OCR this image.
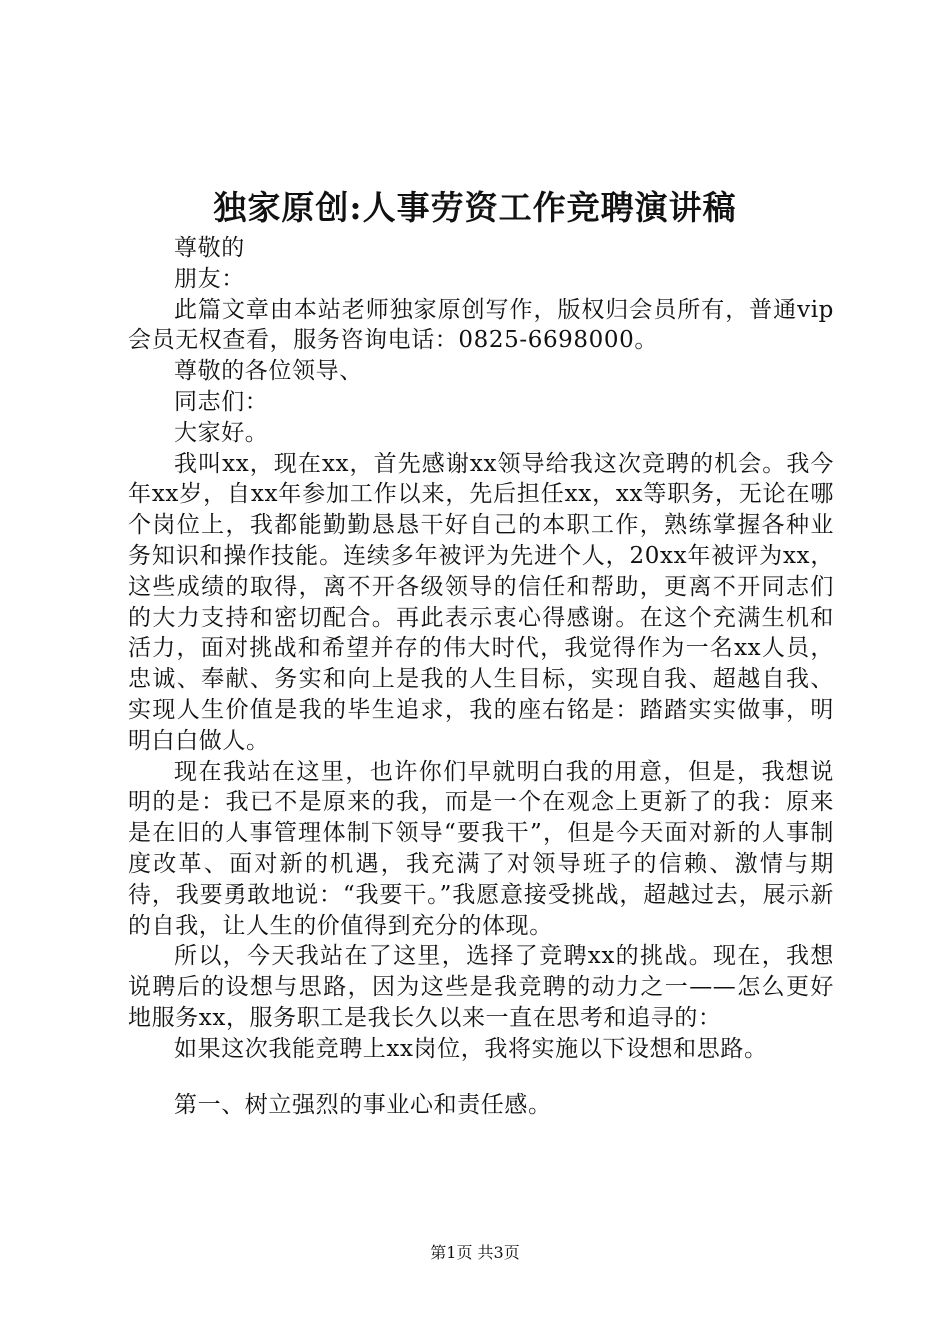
独家原创:人事劳资工作竞聘演讲稿

尊敬的

朋友：

此篇文章由本站老师独家原创写作，版权归会员所有，普通vip会员无权查看，服务咨询电话：0825-6698000。

尊敬的各位领导、

同志们：

大家好。

我叫xx，现在xx，首先感谢xx领导给我这次竞聘的机会。我今年xx岁，自xx年参加工作以来，先后担任xx，xx等职务，无论在哪个岗位上，我都能勤勤恳恳干好自己的本职工作，熟练掌握各种业务知识和操作技能。连续多年被评为先进个人，20xx年被评为xx，这些成绩的取得，离不开各级领导的信任和帮助，更离不开同志们的大力支持和密切配合。再此表示衷心得感谢。在这个充满生机和活力，面对挑战和希望并存的伟大时代，我觉得作为一名xx人员，忠诚、奉献、务实和向上是我的人生目标，实现自我、超越自我、实现人生价值是我的毕生追求，我的座右铭是：踏踏实实做事，明明白白做人。

现在我站在这里，也许你们早就明白我的用意，但是，我想说明的是：我已不是原来的我，而是一个在观念上更新了的我：原来是在旧的人事管理体制下领导“要我干”，但是今天面对新的人事制度改革、面对新的机遇，我充满了对领导班子的信赖、激情与期待，我要勇敢地说：“我要干。”我愿意接受挑战，超越过去，展示新的自我，让人生的价值得到充分的体现。

所以，今天我站在了这里，选择了竞聘xx的挑战。现在，我想说聘后的设想与思路，因为这些是我竞聘的动力之一——怎么更好地服务xx，服务职工是我长久以来一直在思考和追寻的：

如果这次我能竞聘上xx岗位，我将实施以下设想和思路。

第一、树立强烈的事业心和责任感。

第1页 共3页
